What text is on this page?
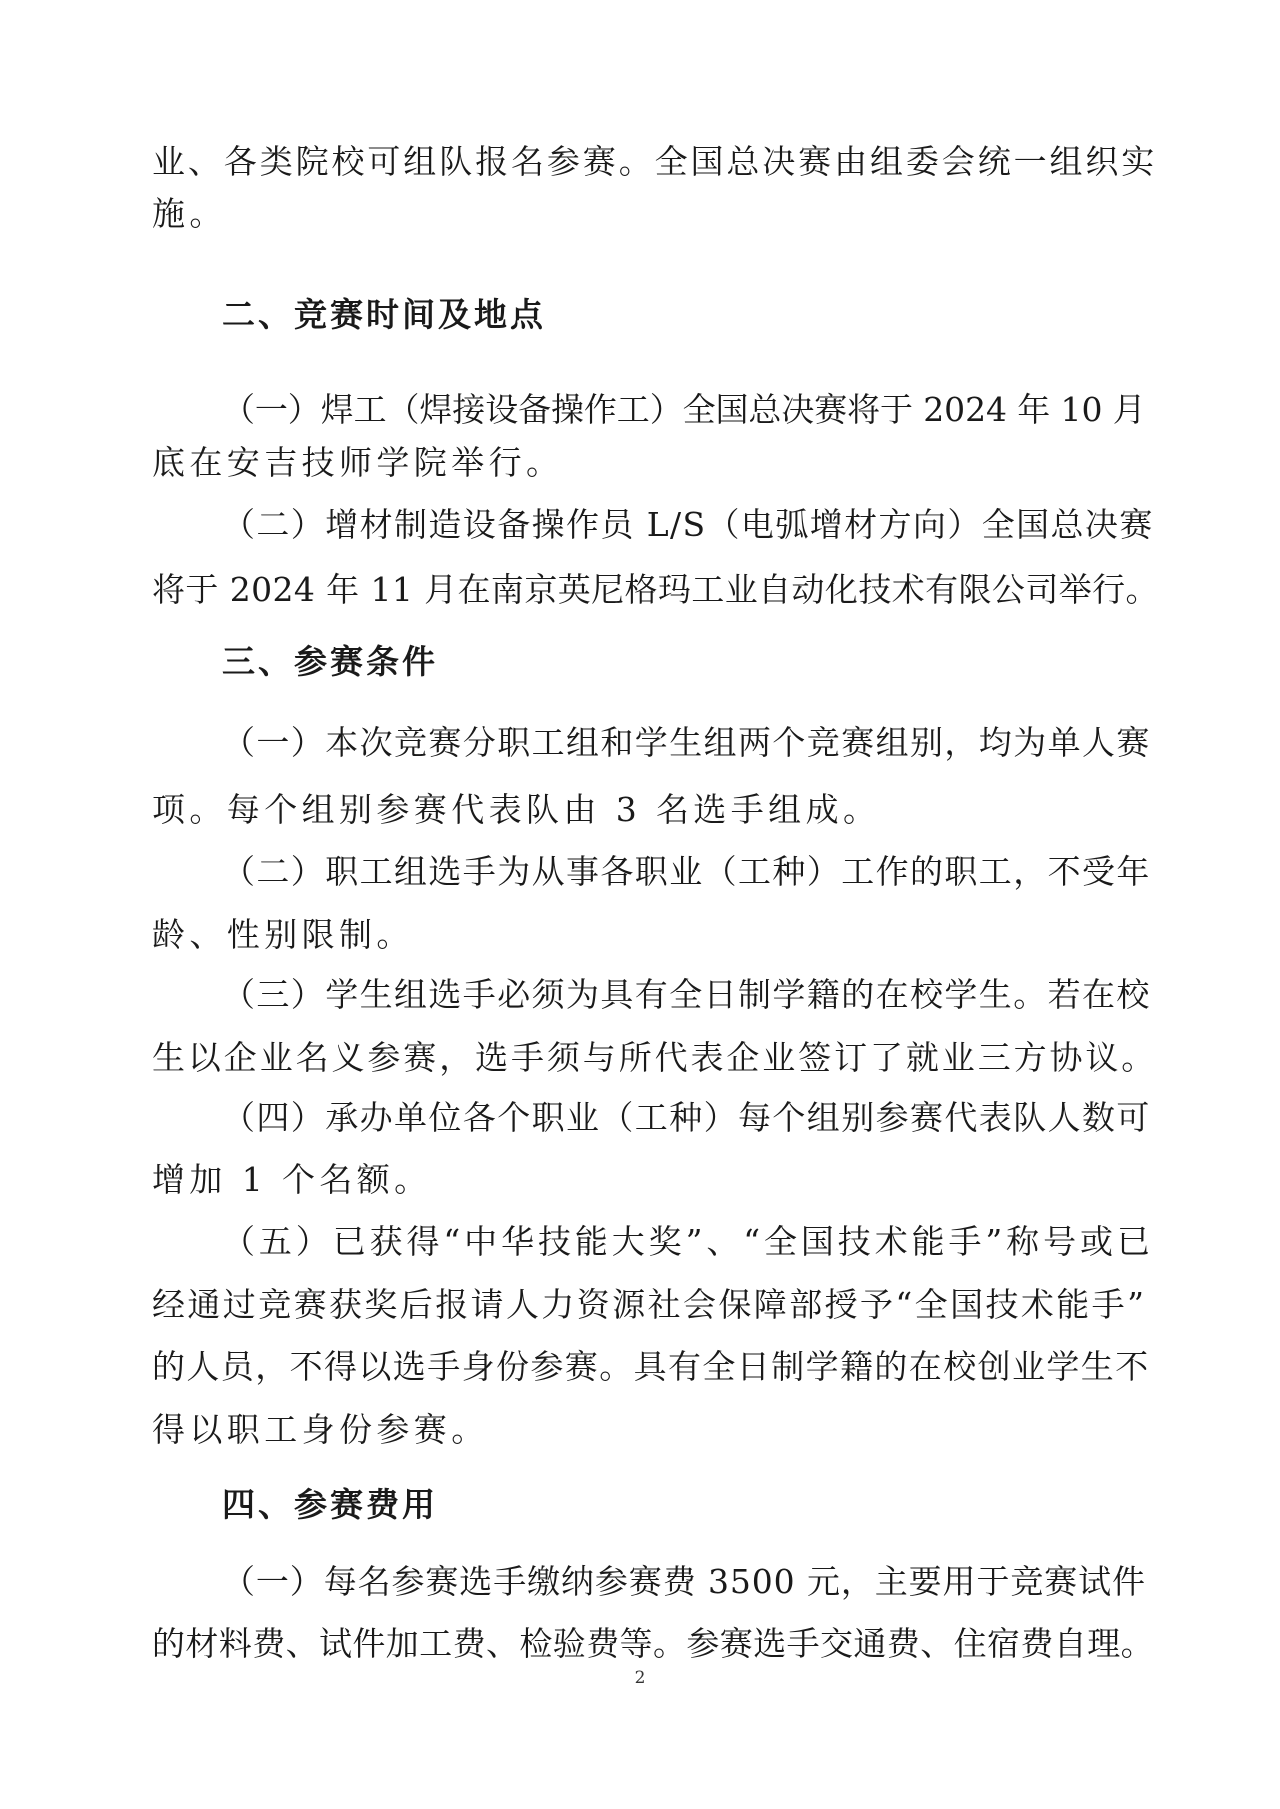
业、各类院校可组队报名参赛。全国总决赛由组委会统一组织实
施。
二、竞赛时间及地点
（一）焊工（焊接设备操作工）全国总决赛将于 2024 年 10 月
底在安吉技师学院举行。
（二）增材制造设备操作员 L/S（电弧增材方向）全国总决赛
将于 2024 年 11 月在南京英尼格玛工业自动化技术有限公司举行。
三、参赛条件
（一）本次竞赛分职工组和学生组两个竞赛组别，均为单人赛
项。每个组别参赛代表队由 3 名选手组成。
（二）职工组选手为从事各职业（工种）工作的职工，不受年
龄、性别限制。
（三）学生组选手必须为具有全日制学籍的在校学生。若在校
生以企业名义参赛，选手须与所代表企业签订了就业三方协议。
（四）承办单位各个职业（工种）每个组别参赛代表队人数可
增加 1 个名额。
（五）已获得“中华技能大奖”、“全国技术能手”称号或已
经通过竞赛获奖后报请人力资源社会保障部授予“全国技术能手”
的人员，不得以选手身份参赛。具有全日制学籍的在校创业学生不
得以职工身份参赛。
四、参赛费用
（一）每名参赛选手缴纳参赛费 3500 元，主要用于竞赛试件
的材料费、试件加工费、检验费等。参赛选手交通费、住宿费自理。
2
